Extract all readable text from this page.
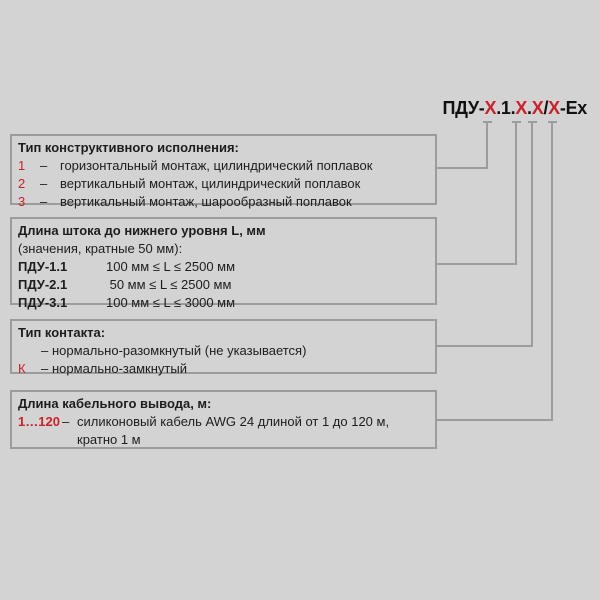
ПДУ-X.1.X.X/X-Ex
Тип конструктивного исполнения:
1	– горизонтальный монтаж, цилиндрический поплавок
2	– вертикальный монтаж, цилиндрический поплавок
3	– вертикальный монтаж, шарообразный поплавок
Длина штока до нижнего уровня L, мм
(значения, кратные 50 мм):
ПДУ-1.1	100 мм ≤ L ≤ 2500 мм
ПДУ-2.1	50 мм ≤ L ≤ 2500 мм
ПДУ-3.1	100 мм ≤ L ≤ 3000 мм
Тип контакта:
– нормально-разомкнутый (не указывается)
К	– нормально-замкнутый
Длина кабельного вывода, м:
1…120 – силиконовый кабель AWG 24 длиной от 1 до 120 м,
кратно 1 м
